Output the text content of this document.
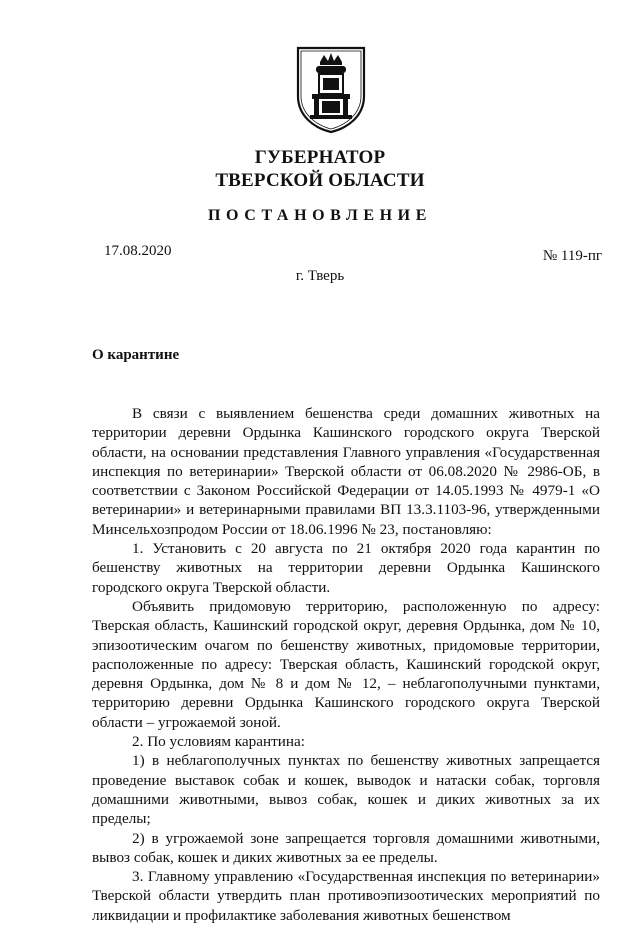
ГУБЕРНАТОР
ТВЕРСКОЙ ОБЛАСТИ
ПОСТАНОВЛЕНИЕ
17.08.2020	№ 119-пг
г. Тверь
О карантине

В связи с выявлением бешенства среди домашних животных на территории деревни Ордынка Кашинского городского округа Тверской области, на основании представления Главного управления «Государственная инспекция по ветеринарии» Тверской области от 06.08.2020 № 2986-ОБ, в соответствии с Законом Российской Федерации от 14.05.1993 № 4979-1 «О ветеринарии» и ветеринарными правилами ВП 13.3.1103-96, утвержденными Минсельхозпродом России от 18.06.1996 № 23, постановляю:

1. Установить с 20 августа по 21 октября 2020 года карантин по бешенству животных на территории деревни Ордынка Кашинского городского округа Тверской области.

Объявить придомовую территорию, расположенную по адресу: Тверская область, Кашинский городской округ, деревня Ордынка, дом № 10, эпизоотическим очагом по бешенству животных, придомовые территории, расположенные по адресу: Тверская область, Кашинский городской округ, деревня Ордынка, дом № 8 и дом № 12, – неблагополучными пунктами, территорию деревни Ордынка Кашинского городского округа Тверской области – угрожаемой зоной.

2. По условиям карантина:

1) в неблагополучных пунктах по бешенству животных запрещается проведение выставок собак и кошек, выводок и натаски собак, торговля домашними животными, вывоз собак, кошек и диких животных за их пределы;

2) в угрожаемой зоне запрещается торговля домашними животными, вывоз собак, кошек и диких животных за ее пределы.

3. Главному управлению «Государственная инспекция по ветеринарии» Тверской области утвердить план противоэпизоотических мероприятий по ликвидации и профилактике заболевания животных бешенством
